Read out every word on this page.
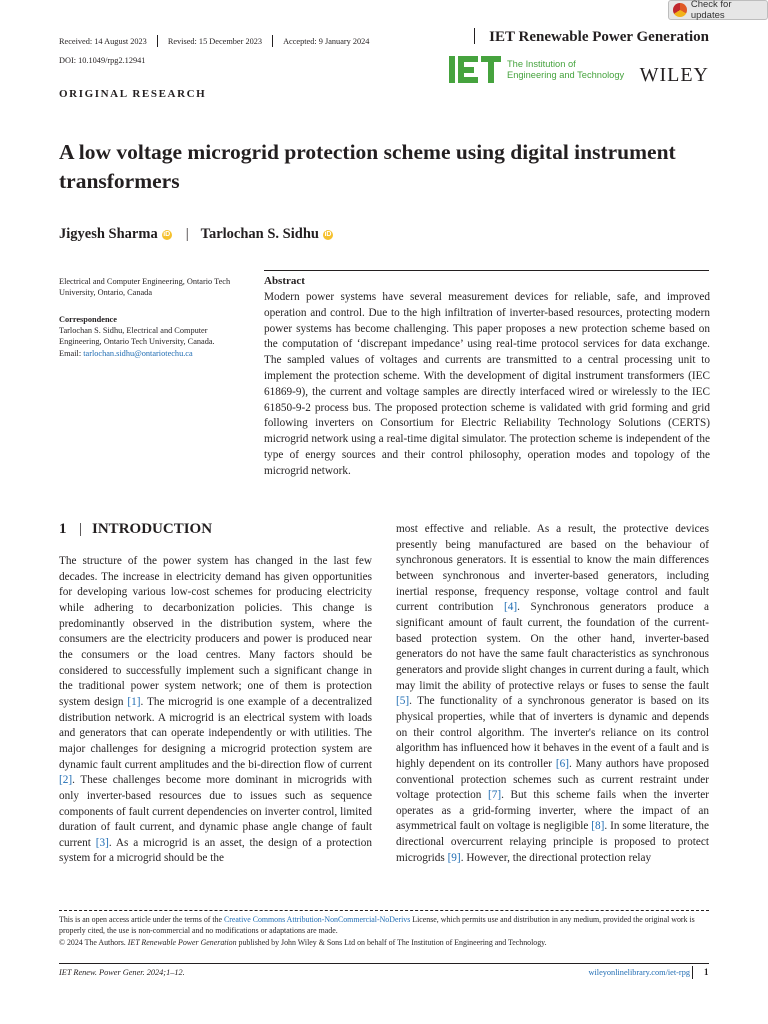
Check for updates
Received: 14 August 2023	Revised: 15 December 2023	Accepted: 9 January 2024	IET Renewable Power Generation
DOI: 10.1049/rpg2.12941	The Institution of
Engineering and Technology WILEY
ORIGINAL RESEARCH
A low voltage microgrid protection scheme using digital instrument transformers
Jigyesh Sharma iD | Tarlochan S. Sidhu iD
Electrical and Computer Engineering, Ontario Tech University, Ontario, Canada
Correspondence
Tarlochan S. Sidhu, Electrical and Computer Engineering, Ontario Tech University, Canada.
Email: tarlochan.sidhu@ontariotechu.ca
Abstract
Modern power systems have several measurement devices for reliable, safe, and improved operation and control. Due to the high infiltration of inverter-based resources, protecting modern power systems has become challenging. This paper proposes a new protection scheme based on the computation of ‘discrepant impedance’ using real-time protocol services for data exchange. The sampled values of voltages and currents are transmitted to a central processing unit to implement the protection scheme. With the development of digital instrument transformers (IEC 61869-9), the current and voltage samples are directly interfaced wired or wirelessly to the IEC 61850-9-2 process bus. The proposed protection scheme is validated with grid forming and grid following inverters on Consortium for Electric Reliability Technology Solutions (CERTS) microgrid network using a real-time digital simulator. The protection scheme is independent of the type of energy sources and their control philosophy, operation modes and topology of the microgrid network.
1 | INTRODUCTION
The structure of the power system has changed in the last few decades. The increase in electricity demand has given opportunities for developing various low-cost schemes for producing electricity while adhering to decarbonization policies. This change is predominantly observed in the distribution system, where the consumers are the electricity producers and power is produced near the consumers or the load centres. Many factors should be considered to successfully implement such a significant change in the traditional power system network; one of them is protection system design [1]. The microgrid is one example of a decentralized distribution network. A microgrid is an electrical system with loads and generators that can operate independently or with utilities. The major challenges for designing a microgrid protection system are dynamic fault current amplitudes and the bi-direction flow of current [2]. These challenges become more dominant in microgrids with only inverter-based resources due to issues such as sequence components of fault current dependencies on inverter control, limited duration of fault current, and dynamic phase angle change of fault current [3]. As a microgrid is an asset, the design of a protection system for a microgrid should be the
most effective and reliable. As a result, the protective devices presently being manufactured are based on the behaviour of synchronous generators. It is essential to know the main differences between synchronous and inverter-based generators, including inertial response, frequency response, voltage control and fault current contribution [4]. Synchronous generators produce a significant amount of fault current, the foundation of the current-based protection system. On the other hand, inverter-based generators do not have the same fault characteristics as synchronous generators and provide slight changes in current during a fault, which may limit the ability of protective relays or fuses to sense the fault [5]. The functionality of a synchronous generator is based on its physical properties, while that of inverters is dynamic and depends on their control algorithm. The inverter's reliance on its control algorithm has influenced how it behaves in the event of a fault and is highly dependent on its controller [6]. Many authors have proposed conventional protection schemes such as current restraint under voltage protection [7]. But this scheme fails when the inverter operates as a grid-forming inverter, where the impact of an asymmetrical fault on voltage is negligible [8]. In some literature, the directional overcurrent relaying principle is proposed to protect microgrids [9]. However, the directional protection relay
This is an open access article under the terms of the Creative Commons Attribution-NonCommercial-NoDerivs License, which permits use and distribution in any medium, provided the original work is properly cited, the use is non-commercial and no modifications or adaptations are made.
© 2024 The Authors. IET Renewable Power Generation published by John Wiley & Sons Ltd on behalf of The Institution of Engineering and Technology.
IET Renew. Power Gener. 2024;1–12.	wileyonlinelibrary.com/iet-rpg 1
